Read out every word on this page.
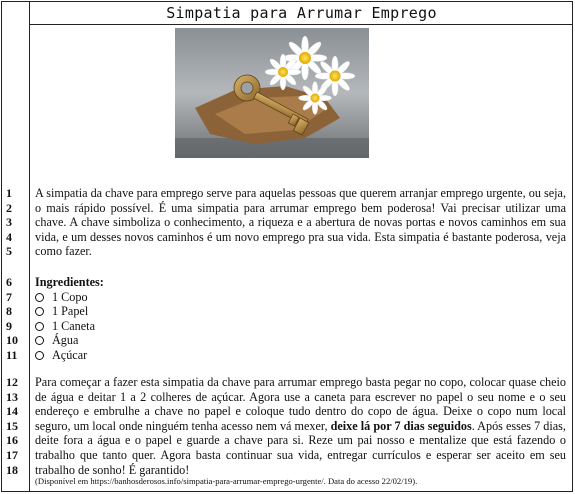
Simpatia para Arrumar Emprego
1
2
3
4
5
6
7
8
9
10
11
12
13
14
15
16
17
18
A simpatia da chave para emprego serve para aquelas pessoas que querem arranjar emprego urgente, ou seja, o mais rápido possível. É uma simpatia para arrumar emprego bem poderosa! Vai precisar utilizar uma chave. A chave simboliza o conhecimento, a riqueza e a abertura de novas portas e novos caminhos em sua vida, e um desses novos caminhos é um novo emprego pra sua vida. Esta simpatia é bastante poderosa, veja como fazer.
Ingredientes:
1 Copo
1 Papel
1 Caneta
Água
Açúcar
Para começar a fazer esta simpatia da chave para arrumar emprego basta pegar no copo, colocar quase cheio de água e deitar 1 a 2 colheres de açúcar. Agora use a caneta para escrever no papel o seu nome e o seu endereço e embrulhe a chave no papel e coloque tudo dentro do copo de água. Deixe o copo num local seguro, um local onde ninguém tenha acesso nem vá mexer, deixe lá por 7 dias seguidos. Após esses 7 dias, deite fora a água e o papel e guarde a chave para si. Reze um pai nosso e mentalize que está fazendo o trabalho que tanto quer. Agora basta continuar sua vida, entregar currículos e esperar ser aceito em seu trabalho de sonho! É garantido!
(Disponível em https://banhosderosos.info/simpatia-para-arrumar-emprego-urgente/. Data do acesso 22/02/19).
